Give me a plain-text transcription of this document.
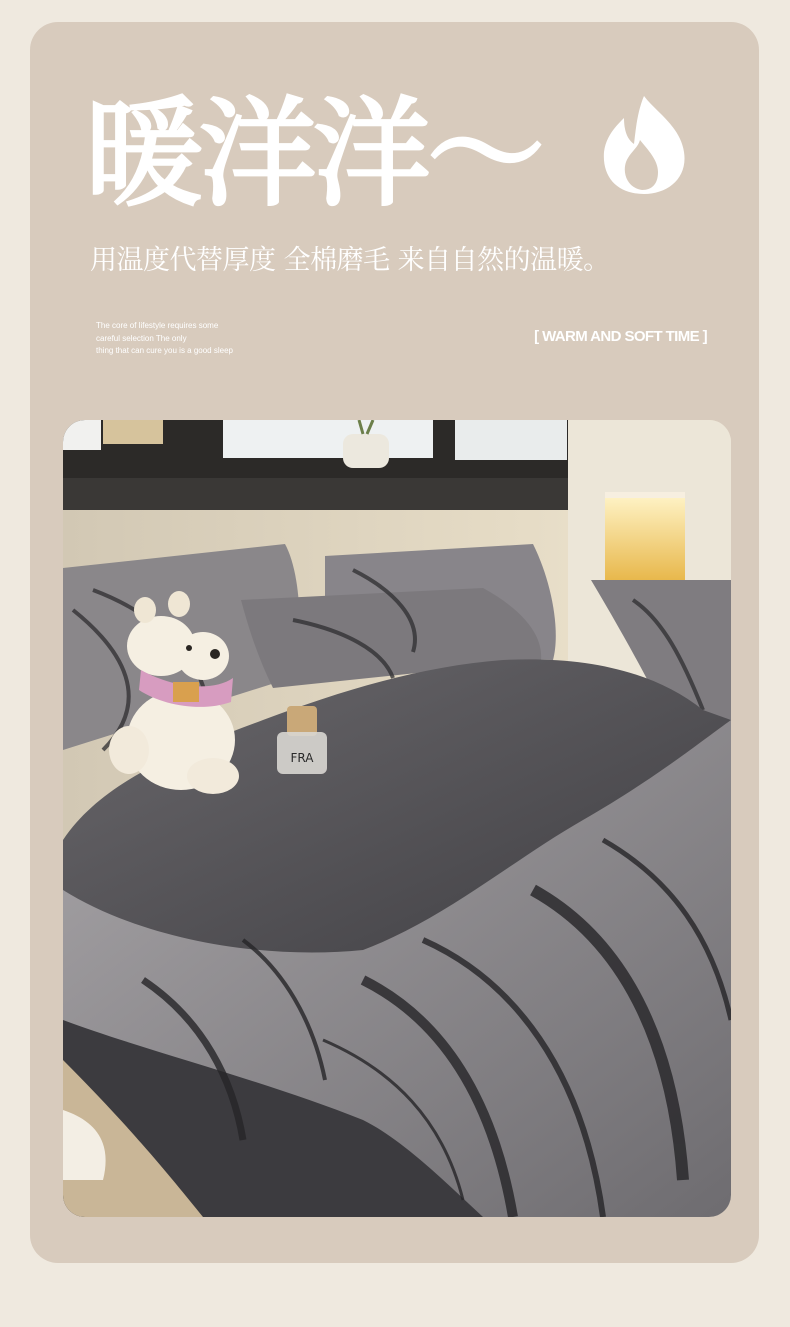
暖洋洋～

用温度代替厚度 全棉磨毛 来自自然的温暖。

The core of lifestyle requires some
careful selection The only
thing that can cure you is a good sleep
[ WARM AND SOFT TIME ]
FRA
